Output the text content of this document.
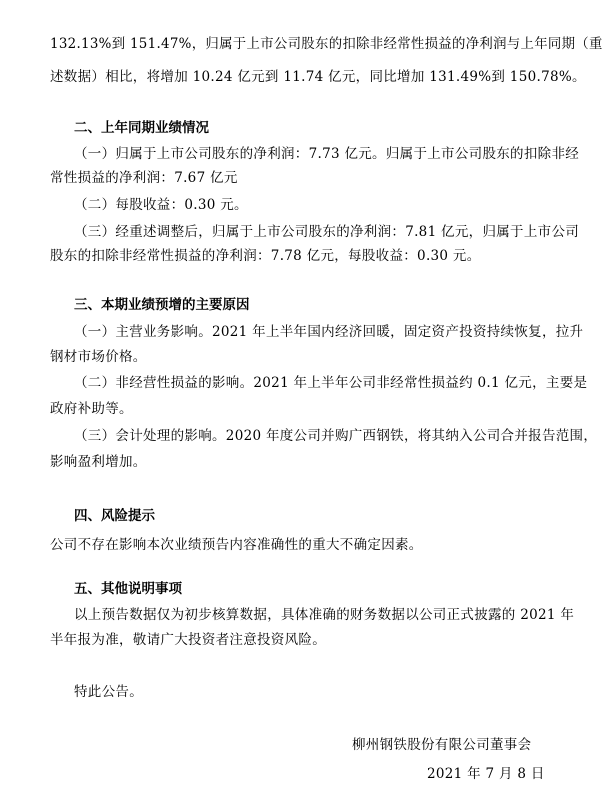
132.13%到 151.47%，归属于上市公司股东的扣除非经常性损益的净利润与上年同期（重
述数据）相比，将增加 10.24 亿元到 11.74 亿元，同比增加 131.49%到 150.78%。
二、上年同期业绩情况
（一）归属于上市公司股东的净利润：7.73 亿元。归属于上市公司股东的扣除非经
常性损益的净利润：7.67 亿元
（二）每股收益：0.30 元。
（三）经重述调整后，归属于上市公司股东的净利润：7.81 亿元，归属于上市公司
股东的扣除非经常性损益的净利润：7.78 亿元，每股收益：0.30 元。
三、本期业绩预增的主要原因
（一）主营业务影响。2021 年上半年国内经济回暖，固定资产投资持续恢复，拉升
钢材市场价格。
（二）非经营性损益的影响。2021 年上半年公司非经常性损益约 0.1 亿元，主要是
政府补助等。
（三）会计处理的影响。2020 年度公司并购广西钢铁，将其纳入公司合并报告范围，
影响盈利增加。
四、风险提示
公司不存在影响本次业绩预告内容准确性的重大不确定因素。
五、其他说明事项
以上预告数据仅为初步核算数据，具体准确的财务数据以公司正式披露的 2021 年
半年报为准，敬请广大投资者注意投资风险。
特此公告。
柳州钢铁股份有限公司董事会
2021 年 7 月 8 日
